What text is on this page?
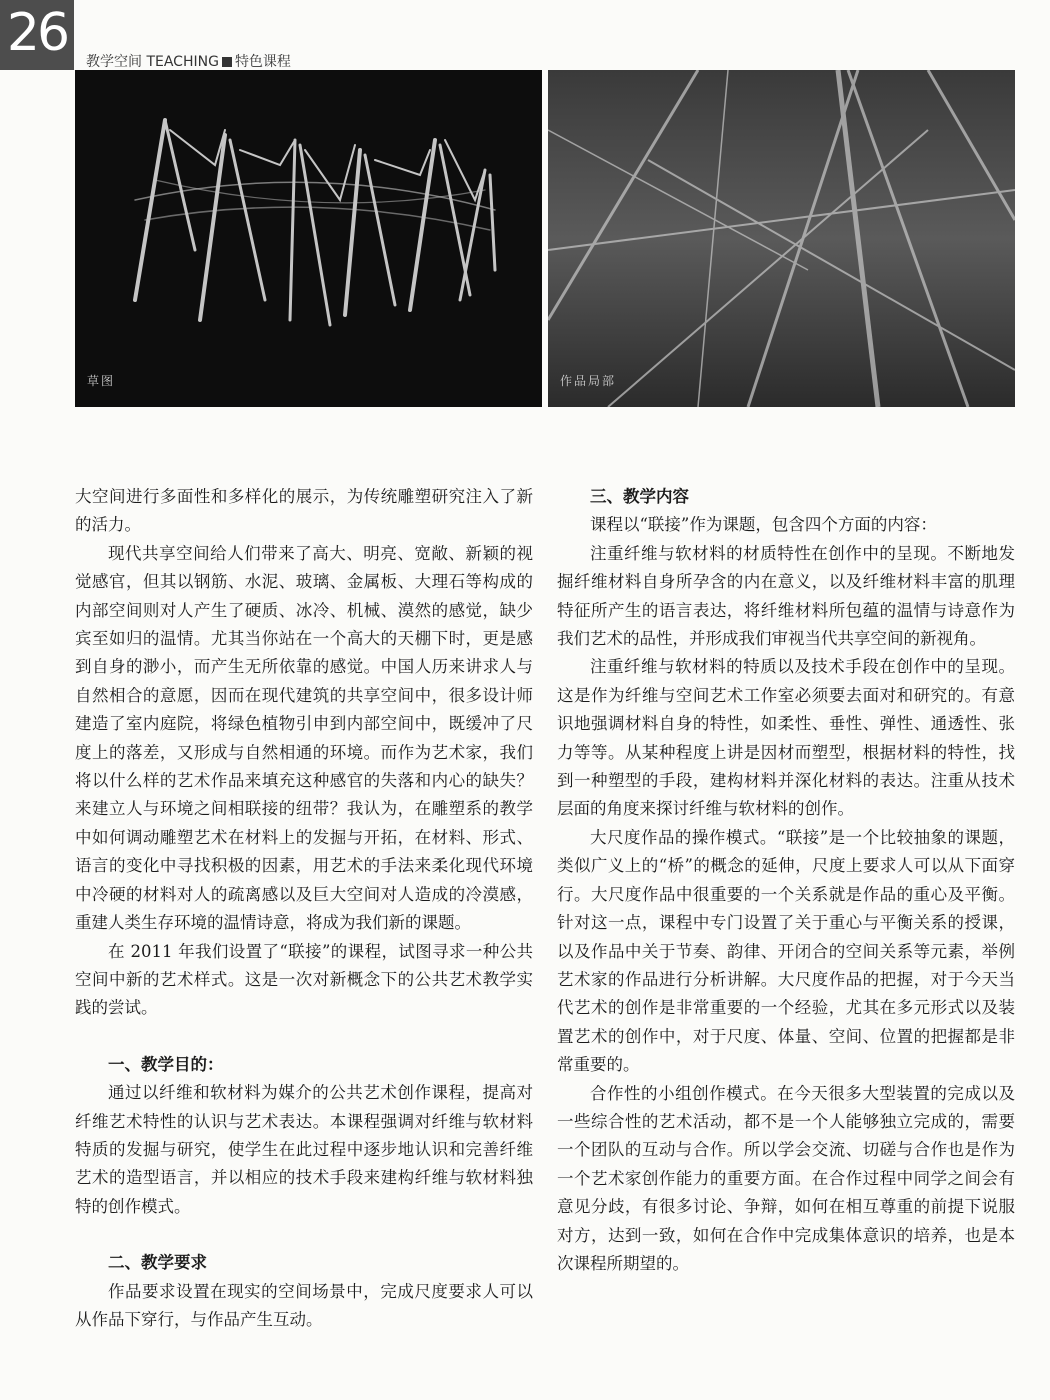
26	教学空间 TEACHING 特色课程
草图	作品局部

大空间进行多面性和多样化的展示，为传统雕塑研究注入了新的活力。

现代共享空间给人们带来了高大、明亮、宽敞、新颖的视觉感官，但其以钢筋、水泥、玻璃、金属板、大理石等构成的内部空间则对人产生了硬质、冰冷、机械、漠然的感觉，缺少宾至如归的温情。尤其当你站在一个高大的天棚下时，更是感到自身的渺小，而产生无所依靠的感觉。中国人历来讲求人与自然相合的意愿，因而在现代建筑的共享空间中，很多设计师建造了室内庭院，将绿色植物引申到内部空间中，既缓冲了尺度上的落差，又形成与自然相通的环境。而作为艺术家，我们将以什么样的艺术作品来填充这种感官的失落和内心的缺失？来建立人与环境之间相联接的纽带？我认为，在雕塑系的教学中如何调动雕塑艺术在材料上的发掘与开拓，在材料、形式、语言的变化中寻找积极的因素，用艺术的手法来柔化现代环境中冷硬的材料对人的疏离感以及巨大空间对人造成的冷漠感，重建人类生存环境的温情诗意，将成为我们新的课题。

在 2011 年我们设置了“联接”的课程，试图寻求一种公共空间中新的艺术样式。这是一次对新概念下的公共艺术教学实践的尝试。

一、教学目的：

通过以纤维和软材料为媒介的公共艺术创作课程，提高对纤维艺术特性的认识与艺术表达。本课程强调对纤维与软材料特质的发掘与研究，使学生在此过程中逐步地认识和完善纤维艺术的造型语言，并以相应的技术手段来建构纤维与软材料独特的创作模式。

二、教学要求

作品要求设置在现实的空间场景中，完成尺度要求人可以从作品下穿行，与作品产生互动。

三、教学内容

课程以“联接”作为课题，包含四个方面的内容：

注重纤维与软材料的材质特性在创作中的呈现。不断地发掘纤维材料自身所孕含的内在意义，以及纤维材料丰富的肌理特征所产生的语言表达，将纤维材料所包蕴的温情与诗意作为我们艺术的品性，并形成我们审视当代共享空间的新视角。

注重纤维与软材料的特质以及技术手段在创作中的呈现。这是作为纤维与空间艺术工作室必须要去面对和研究的。有意识地强调材料自身的特性，如柔性、垂性、弹性、通透性、张力等等。从某种程度上讲是因材而塑型，根据材料的特性，找到一种塑型的手段，建构材料并深化材料的表达。注重从技术层面的角度来探讨纤维与软材料的创作。

大尺度作品的操作模式。“联接”是一个比较抽象的课题，类似广义上的“桥”的概念的延伸，尺度上要求人可以从下面穿行。大尺度作品中很重要的一个关系就是作品的重心及平衡。针对这一点，课程中专门设置了关于重心与平衡关系的授课，以及作品中关于节奏、韵律、开闭合的空间关系等元素，举例艺术家的作品进行分析讲解。大尺度作品的把握，对于今天当代艺术的创作是非常重要的一个经验，尤其在多元形式以及装置艺术的创作中，对于尺度、体量、空间、位置的把握都是非常重要的。

合作性的小组创作模式。在今天很多大型装置的完成以及一些综合性的艺术活动，都不是一个人能够独立完成的，需要一个团队的互动与合作。所以学会交流、切磋与合作也是作为一个艺术家创作能力的重要方面。在合作过程中同学之间会有意见分歧，有很多讨论、争辩，如何在相互尊重的前提下说服对方，达到一致，如何在合作中完成集体意识的培养，也是本次课程所期望的。
